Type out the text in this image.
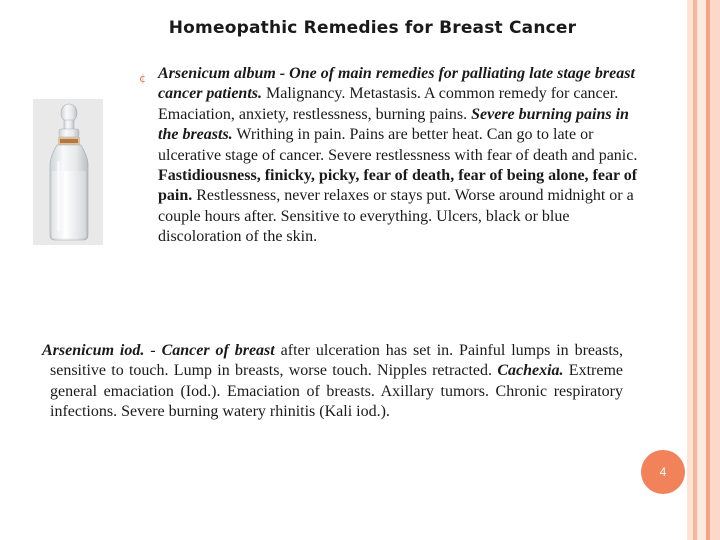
Homeopathic Remedies for Breast Cancer
¢ Arsenicum album - One of main remedies for palliating late stage breast cancer patients. Malignancy. Metastasis. A common remedy for cancer. Emaciation, anxiety, restlessness, burning pains. Severe burning pains in the breasts. Writhing in pain. Pains are better heat. Can go to late or ulcerative stage of cancer. Severe restlessness with fear of death and panic. Fastidiousness, finicky, picky, fear of death, fear of being alone, fear of pain. Restlessness, never relaxes or stays put. Worse around midnight or a couple hours after. Sensitive to everything. Ulcers, black or blue discoloration of the skin.
Arsenicum iod. - Cancer of breast after ulceration has set in. Painful lumps in breasts, sensitive to touch. Lump in breasts, worse touch. Nipples retracted. Cachexia. Extreme general emaciation (Iod.). Emaciation of breasts. Axillary tumors. Chronic respiratory infections. Severe burning watery rhinitis (Kali iod.).
4
